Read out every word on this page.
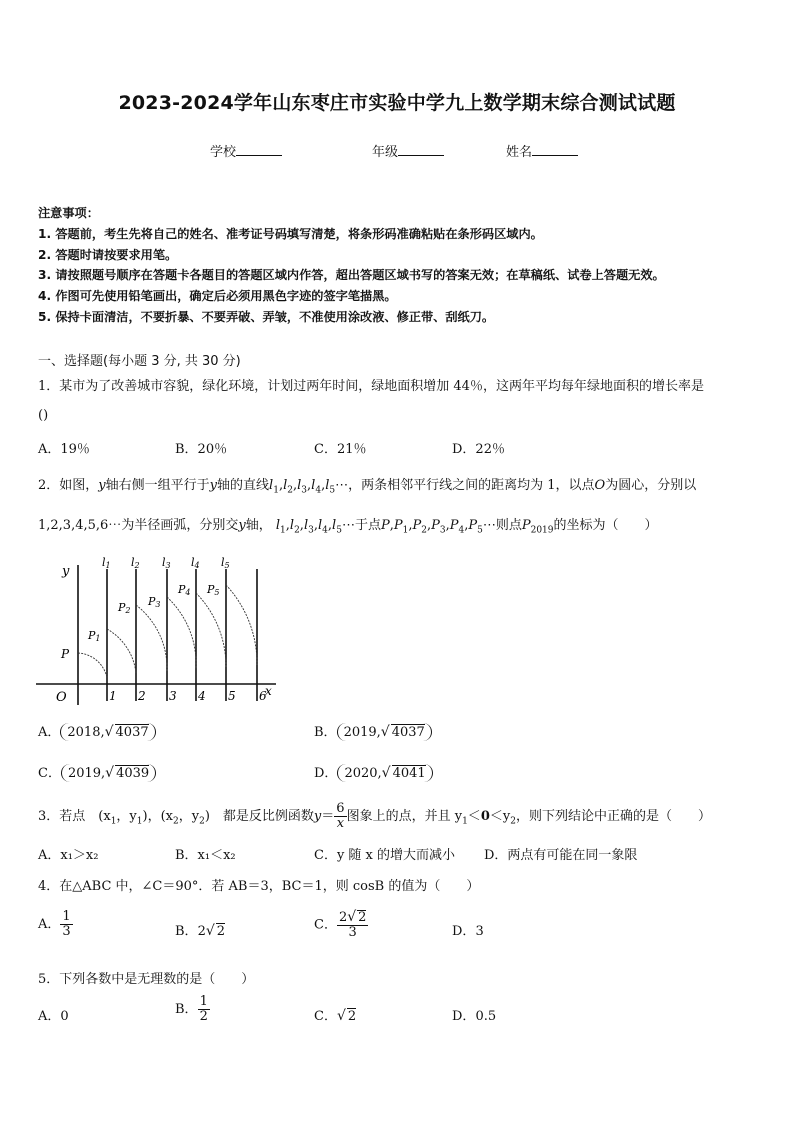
2023-2024学年山东枣庄市实验中学九上数学期末综合测试试题
学校	年级	姓名
注意事项：
1. 答题前，考生先将自己的姓名、准考证号码填写清楚，将条形码准确粘贴在条形码区域内。
2. 答题时请按要求用笔。
3. 请按照题号顺序在答题卡各题目的答题区域内作答，超出答题区域书写的答案无效；在草稿纸、试卷上答题无效。
4. 作图可先使用铅笔画出，确定后必须用黑色字迹的签字笔描黑。
5. 保持卡面清洁，不要折暴、不要弄破、弄皱，不准使用涂改液、修正带、刮纸刀。
一、选择题(每小题 3 分, 共 30 分)
1．某市为了改善城市容貌，绿化环境，计划过两年时间，绿地面积增加 44％，这两年平均每年绿地面积的增长率是
()
A．19％	B．20％	C．21％	D．22％
2．如图，y轴右侧一组平行于y轴的直线$l_1,l_2,l_3,l_4,l_5\cdots$，两条相邻平行线之间的距离均为 1，以点O为圆心，分别以
1,2,3,4,5,6⋯为半径画弧，分别交y轴， $l_1,l_2,l_3,l_4,l_5\cdots$于点$P,P_1,P_2,P_3,P_4,P_5\cdots$则点$P_{2019}$的坐标为（　　）
y
x
O
P
l1 l2 l3 l4 l5
P1
P2
P3
P4 P5
1 2 3 4 5 6
A． 2018,√ 4037	B． 2019,√ 4037
C． 2019,√ 4039	D． 2020,√ 4041
3．若点　($x_1$，$y_1$)，($x_2$，$y_2$)　都是反比例函数$y= \frac{6}{x}$ 图象上的点，并且 $y_1<0<y_2$，则下列结论中正确的是（　　）
A．x₁＞x₂	B．x₁＜x₂	C．y 随 x 的增大而减小 D．两点有可能在同一象限
4．在△ABC 中，∠C＝90°．若 AB＝3，BC＝1，则 cosB 的值为（　　）
A． $\frac{1}{3}$	B．2√ 2	C． $\frac{2√ 2}{3}$	D．3
5．下列各数中是无理数的是（　　）
A．0	B． $\frac{1}{2}$	C．√ 2	D．0.5
